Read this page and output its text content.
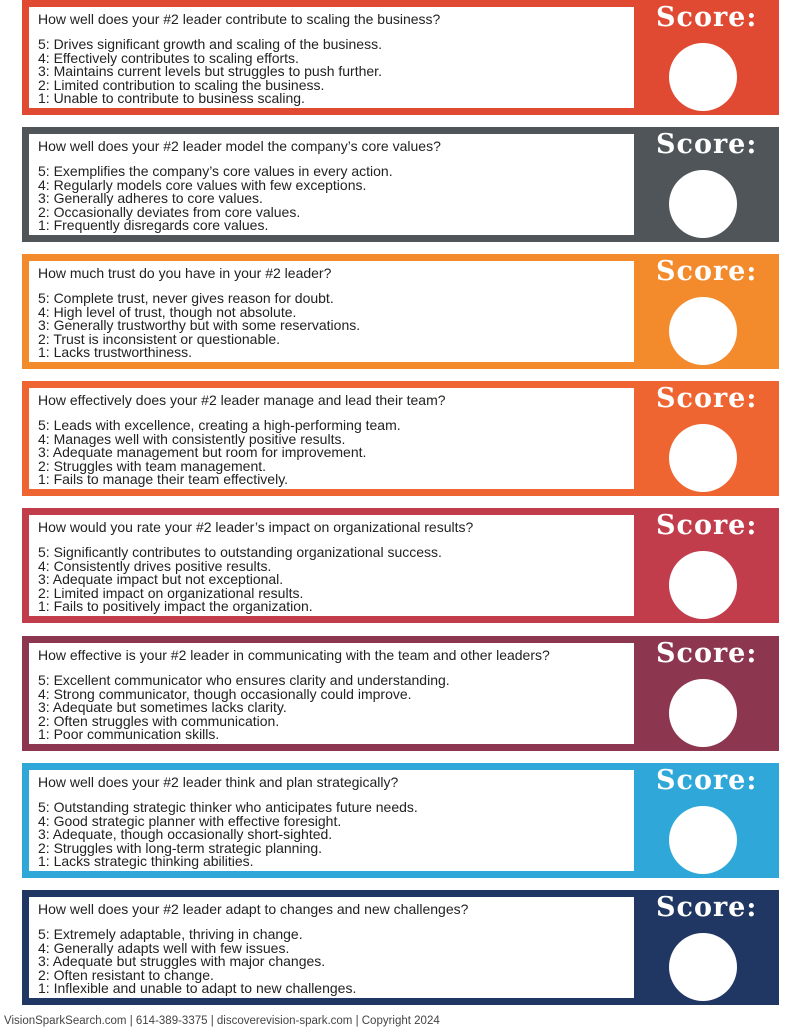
How well does your #2 leader contribute to scaling the business?

5: Drives significant growth and scaling of the business.

4: Effectively contributes to scaling efforts.

3: Maintains current levels but struggles to push further.

2: Limited contribution to scaling the business.

1: Unable to contribute to business scaling.

Score:

How well does your #2 leader model the company’s core values?

5: Exemplifies the company’s core values in every action.

4: Regularly models core values with few exceptions.

3: Generally adheres to core values.

2: Occasionally deviates from core values.

1: Frequently disregards core values.

Score:

How much trust do you have in your #2 leader?

5: Complete trust, never gives reason for doubt.

4: High level of trust, though not absolute.

3: Generally trustworthy but with some reservations.

2: Trust is inconsistent or questionable.

1: Lacks trustworthiness.

Score:

How effectively does your #2 leader manage and lead their team?

5: Leads with excellence, creating a high-performing team.

4: Manages well with consistently positive results.

3: Adequate management but room for improvement.

2: Struggles with team management.

1: Fails to manage their team effectively.

Score:

How would you rate your #2 leader’s impact on organizational results?

5: Significantly contributes to outstanding organizational success.

4: Consistently drives positive results.

3: Adequate impact but not exceptional.

2: Limited impact on organizational results.

1: Fails to positively impact the organization.

Score:

How effective is your #2 leader in communicating with the team and other leaders?

5: Excellent communicator who ensures clarity and understanding.

4: Strong communicator, though occasionally could improve.

3: Adequate but sometimes lacks clarity.

2: Often struggles with communication.

1: Poor communication skills.

Score:

How well does your #2 leader think and plan strategically?

5: Outstanding strategic thinker who anticipates future needs.

4: Good strategic planner with effective foresight.

3: Adequate, though occasionally short-sighted.

2: Struggles with long-term strategic planning.

1: Lacks strategic thinking abilities.

Score:

How well does your #2 leader adapt to changes and new challenges?

5: Extremely adaptable, thriving in change.

4: Generally adapts well with few issues.

3: Adequate but struggles with major changes.

2: Often resistant to change.

1: Inflexible and unable to adapt to new challenges.

Score:
VisionSparkSearch.com | 614-389-3375 | discoverevision-spark.com | Copyright 2024
